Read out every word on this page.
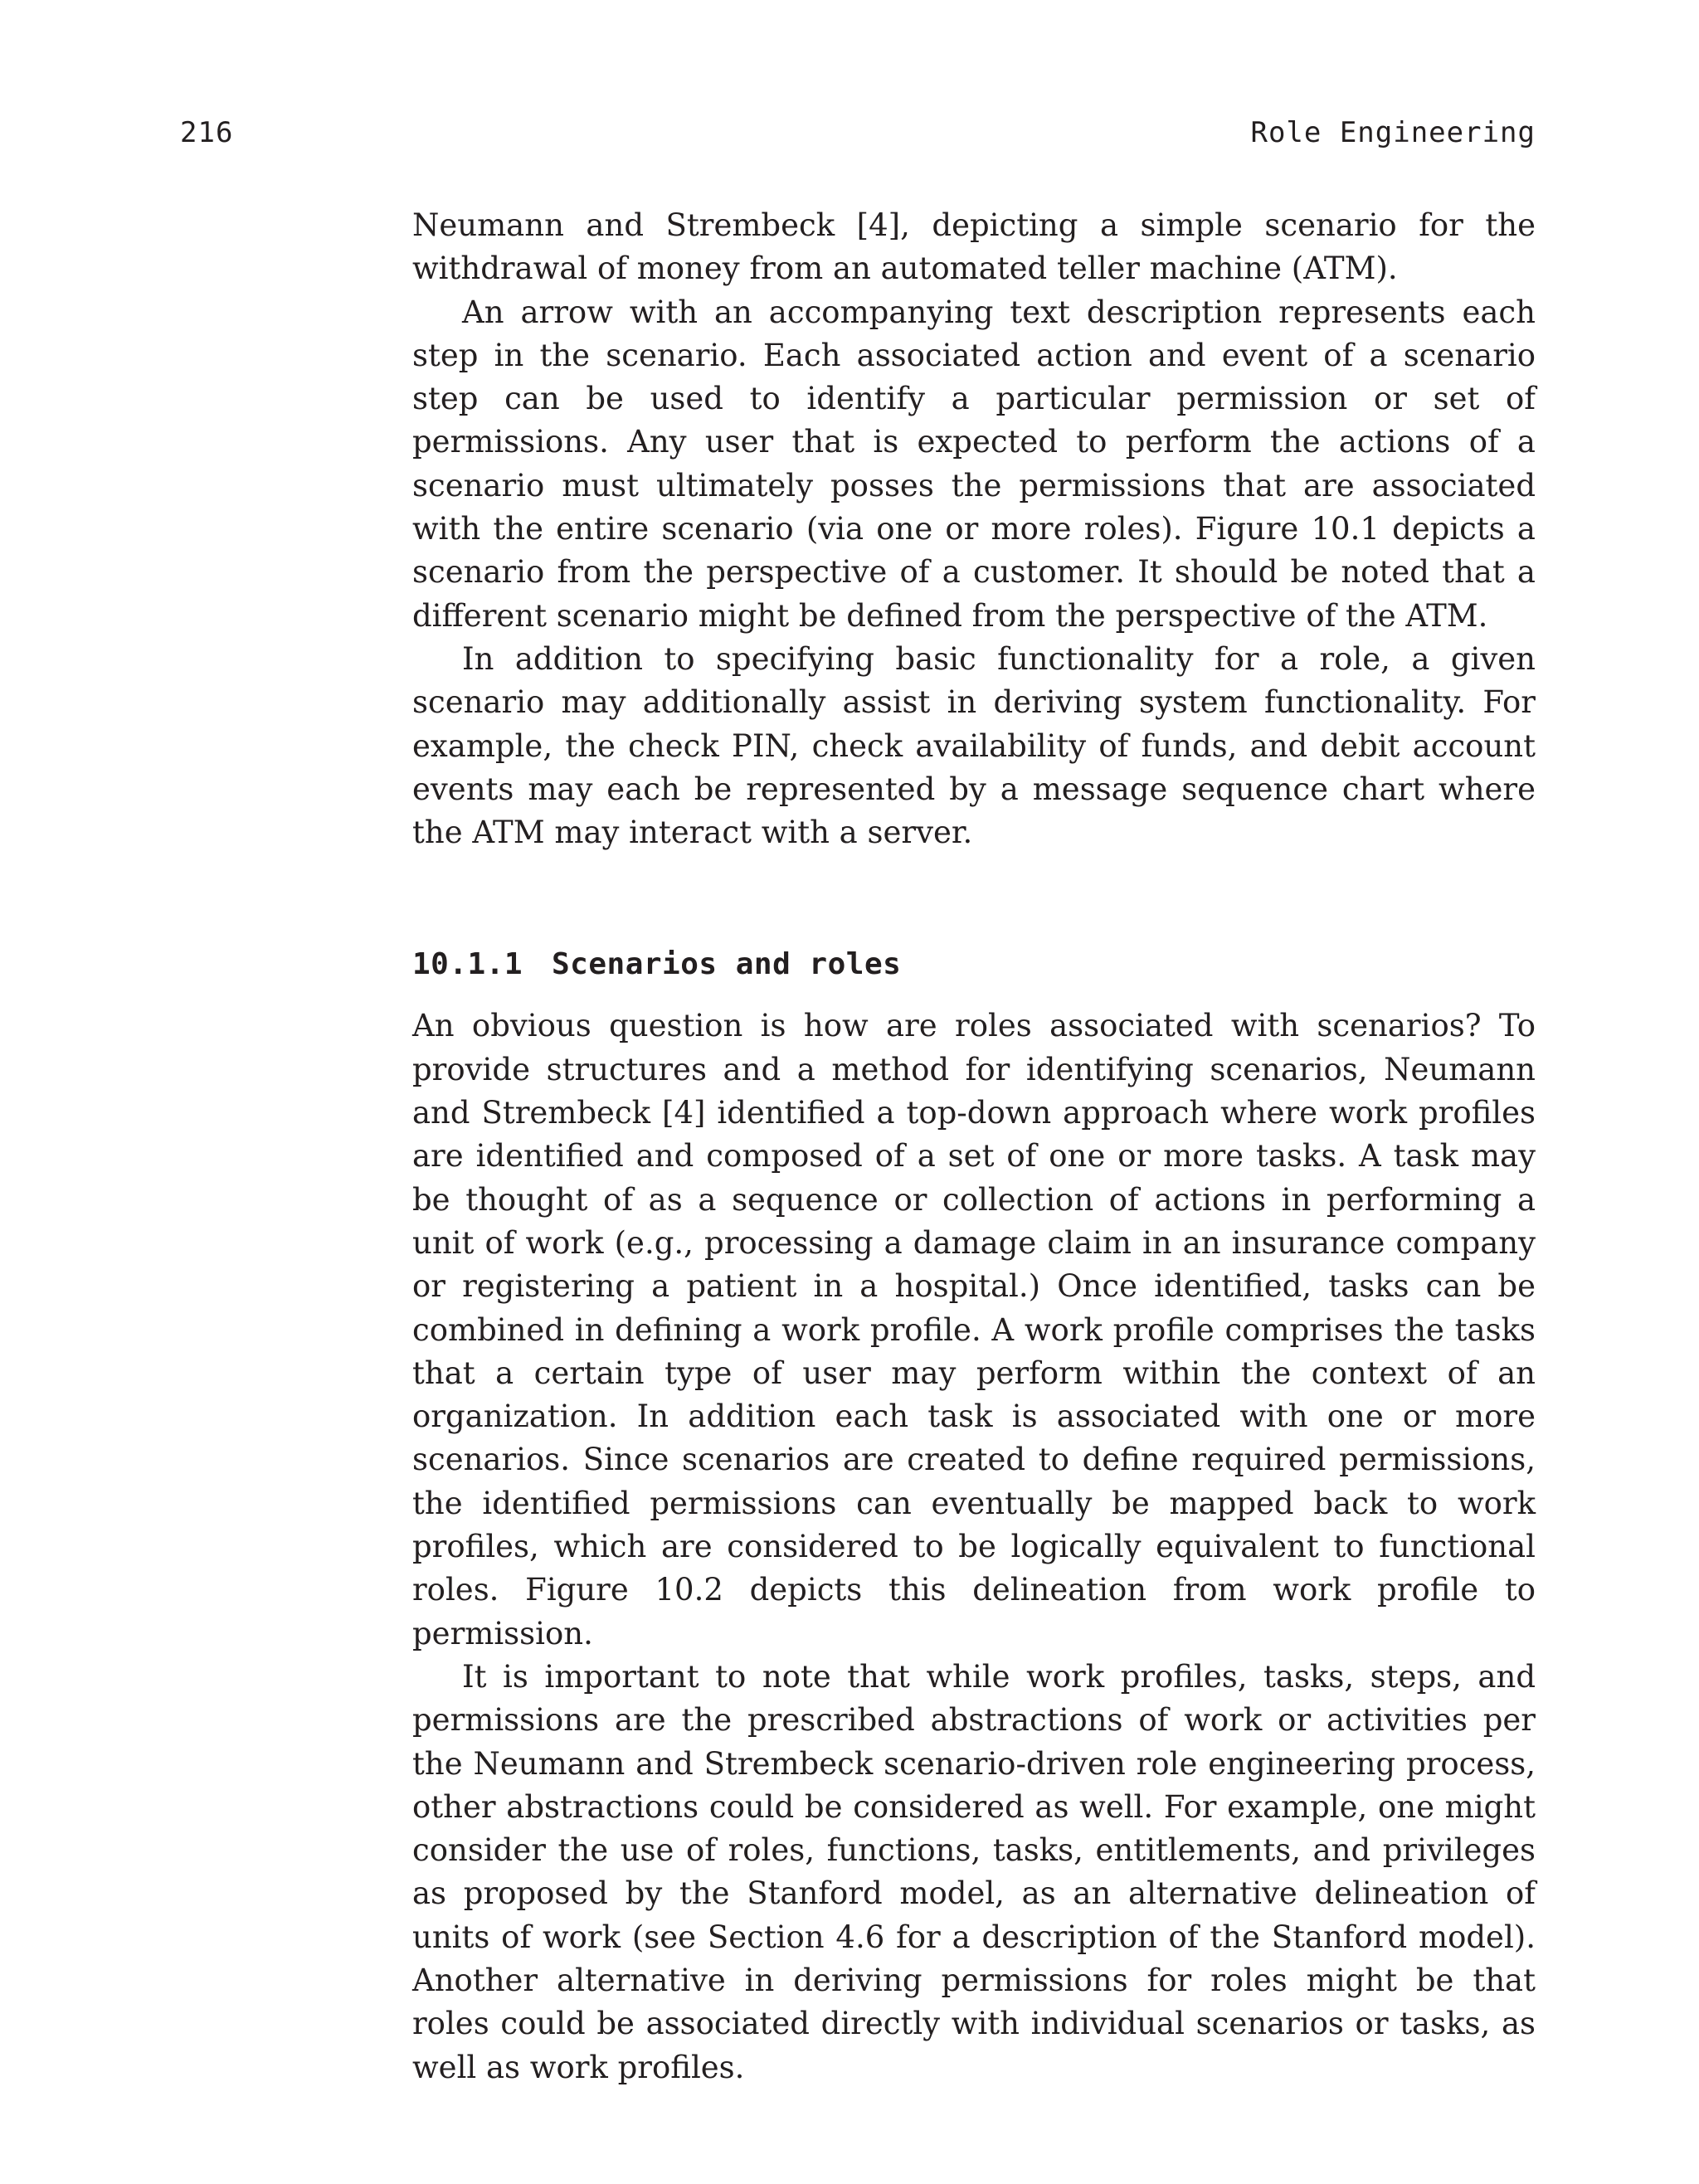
216	Role Engineering

Neumann and Strembeck [4], depicting a simple scenario for the withdrawal of money from an automated teller machine (ATM).

An arrow with an accompanying text description represents each step in the scenario. Each associated action and event of a scenario step can be used to identify a particular permission or set of permissions. Any user that is expected to perform the actions of a scenario must ultimately posses the permissions that are associated with the entire scenario (via one or more roles). Figure 10.1 depicts a scenario from the perspective of a customer. It should be noted that a different scenario might be defined from the perspective of the ATM.

In addition to specifying basic functionality for a role, a given scenario may additionally assist in deriving system functionality. For example, the check PIN, check availability of funds, and debit account events may each be represented by a message sequence chart where the ATM may interact with a server.

10.1.1 Scenarios and roles

An obvious question is how are roles associated with scenarios? To provide structures and a method for identifying scenarios, Neumann and Strembeck [4] identified a top-down approach where work profiles are identified and composed of a set of one or more tasks. A task may be thought of as a sequence or collection of actions in performing a unit of work (e.g., processing a damage claim in an insurance company or registering a patient in a hospital.) Once identified, tasks can be combined in defining a work profile. A work profile comprises the tasks that a certain type of user may perform within the context of an organization. In addition each task is associated with one or more scenarios. Since scenarios are created to define required permissions, the identified permissions can eventually be mapped back to work profiles, which are considered to be logically equivalent to functional roles. Figure 10.2 depicts this delineation from work profile to permission.

It is important to note that while work profiles, tasks, steps, and permissions are the prescribed abstractions of work or activities per the Neumann and Strembeck scenario-driven role engineering process, other abstractions could be considered as well. For example, one might consider the use of roles, functions, tasks, entitlements, and privileges as proposed by the Stanford model, as an alternative delineation of units of work (see Section 4.6 for a description of the Stanford model). Another alternative in deriving permissions for roles might be that roles could be associated directly with individual scenarios or tasks, as well as work profiles.
